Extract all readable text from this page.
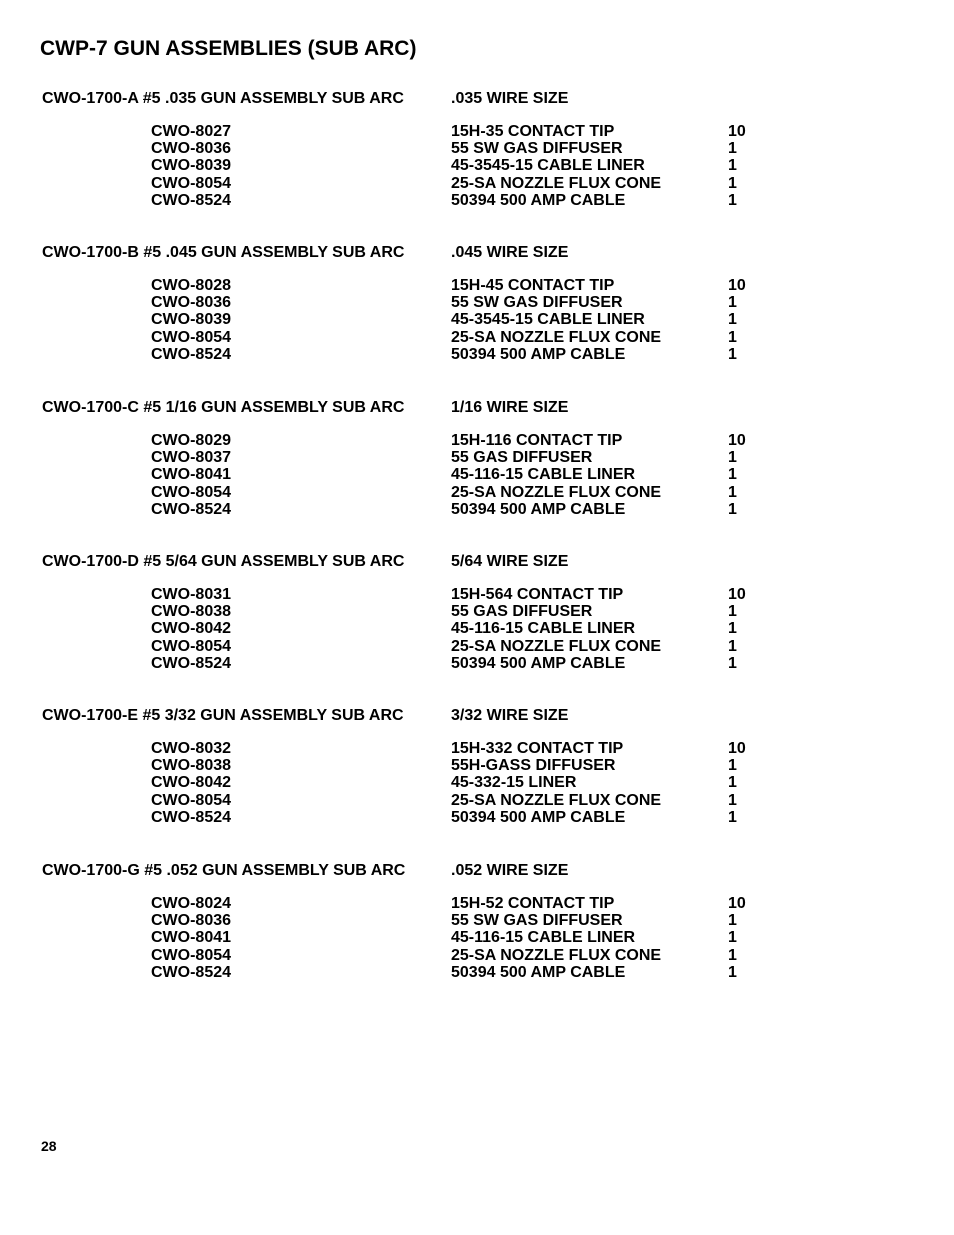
CWP-7 GUN ASSEMBLIES (SUB ARC)
CWO-1700-A #5 .035 GUN ASSEMBLY SUB ARC	.035 WIRE SIZE
CWO-8027	15H-35 CONTACT TIP	10
CWO-8036	55 SW GAS DIFFUSER	1
CWO-8039	45-3545-15 CABLE LINER	1
CWO-8054	25-SA NOZZLE FLUX CONE	1
CWO-8524	50394 500 AMP CABLE	1
CWO-1700-B #5 .045 GUN ASSEMBLY SUB ARC	.045 WIRE SIZE
CWO-8028	15H-45 CONTACT TIP	10
CWO-8036	55 SW GAS DIFFUSER	1
CWO-8039	45-3545-15 CABLE LINER	1
CWO-8054	25-SA NOZZLE FLUX CONE	1
CWO-8524	50394 500 AMP CABLE	1
CWO-1700-C #5 1/16 GUN ASSEMBLY SUB ARC	1/16 WIRE SIZE
CWO-8029	15H-116 CONTACT TIP	10
CWO-8037	55 GAS DIFFUSER	1
CWO-8041	45-116-15 CABLE LINER	1
CWO-8054	25-SA NOZZLE FLUX CONE	1
CWO-8524	50394 500 AMP CABLE	1
CWO-1700-D #5 5/64 GUN ASSEMBLY SUB ARC	5/64 WIRE SIZE
CWO-8031	15H-564 CONTACT TIP	10
CWO-8038	55 GAS DIFFUSER	1
CWO-8042	45-116-15 CABLE LINER	1
CWO-8054	25-SA NOZZLE FLUX CONE	1
CWO-8524	50394 500 AMP CABLE	1
CWO-1700-E #5 3/32 GUN ASSEMBLY SUB ARC	3/32 WIRE SIZE
CWO-8032	15H-332 CONTACT TIP	10
CWO-8038	55H-GASS DIFFUSER	1
CWO-8042	45-332-15 LINER	1
CWO-8054	25-SA NOZZLE FLUX CONE	1
CWO-8524	50394 500 AMP CABLE	1
CWO-1700-G #5 .052 GUN ASSEMBLY SUB ARC	.052 WIRE SIZE
CWO-8024	15H-52 CONTACT TIP	10
CWO-8036	55 SW GAS DIFFUSER	1
CWO-8041	45-116-15 CABLE LINER	1
CWO-8054	25-SA NOZZLE FLUX CONE	1
CWO-8524	50394 500 AMP CABLE	1
28
